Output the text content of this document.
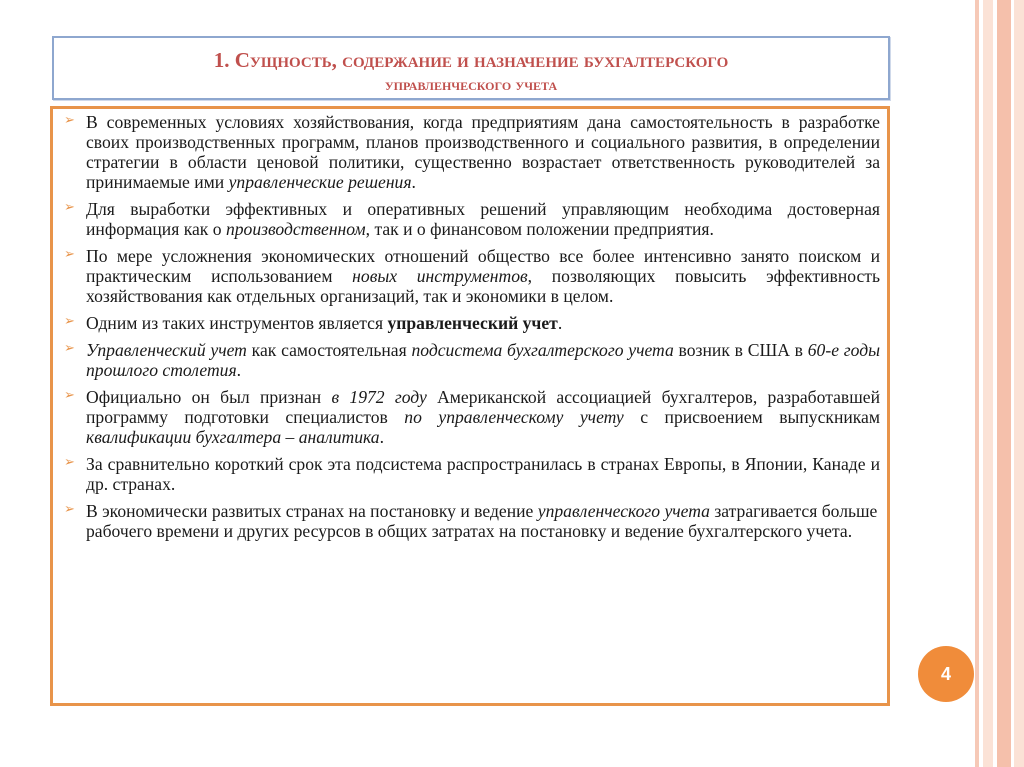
1. Сущность, содержание и назначение бухгалтерского

управленческого учета

➢ В современных условиях хозяйствования, когда предприятиям дана самостоятельность в разработке своих производственных программ, планов производственного и социального развития, в определении стратегии в области ценовой политики, существенно возрастает ответственность руководителей за принимаемые ими управленческие решения.
➢ Для выработки эффективных и оперативных решений управляющим необходима достоверная информация как о производственном, так и о финансовом положении предприятия.
➢ По мере усложнения экономических отношений общество все более интенсивно занято поиском и практическим использованием новых инструментов, позволяющих повысить эффективность хозяйствования как отдельных организаций, так и экономики в целом.
➢ Одним из таких инструментов является управленческий учет.
➢ Управленческий учет как самостоятельная подсистема бухгалтерского учета возник в США в 60-е годы прошлого столетия.
➢ Официально он был признан в 1972 году Американской ассоциацией бухгалтеров, разработавшей программу подготовки специалистов по управленческому учету с присвоением выпускникам квалификации бухгалтера – аналитика.
➢ За сравнительно короткий срок эта подсистема распространилась в странах Европы, в Японии, Канаде и др. странах.
➢ В экономически развитых странах на постановку и ведение управленческого учета затрагивается больше рабочего времени и других ресурсов в общих затратах на постановку и ведение бухгалтерского учета.
4
